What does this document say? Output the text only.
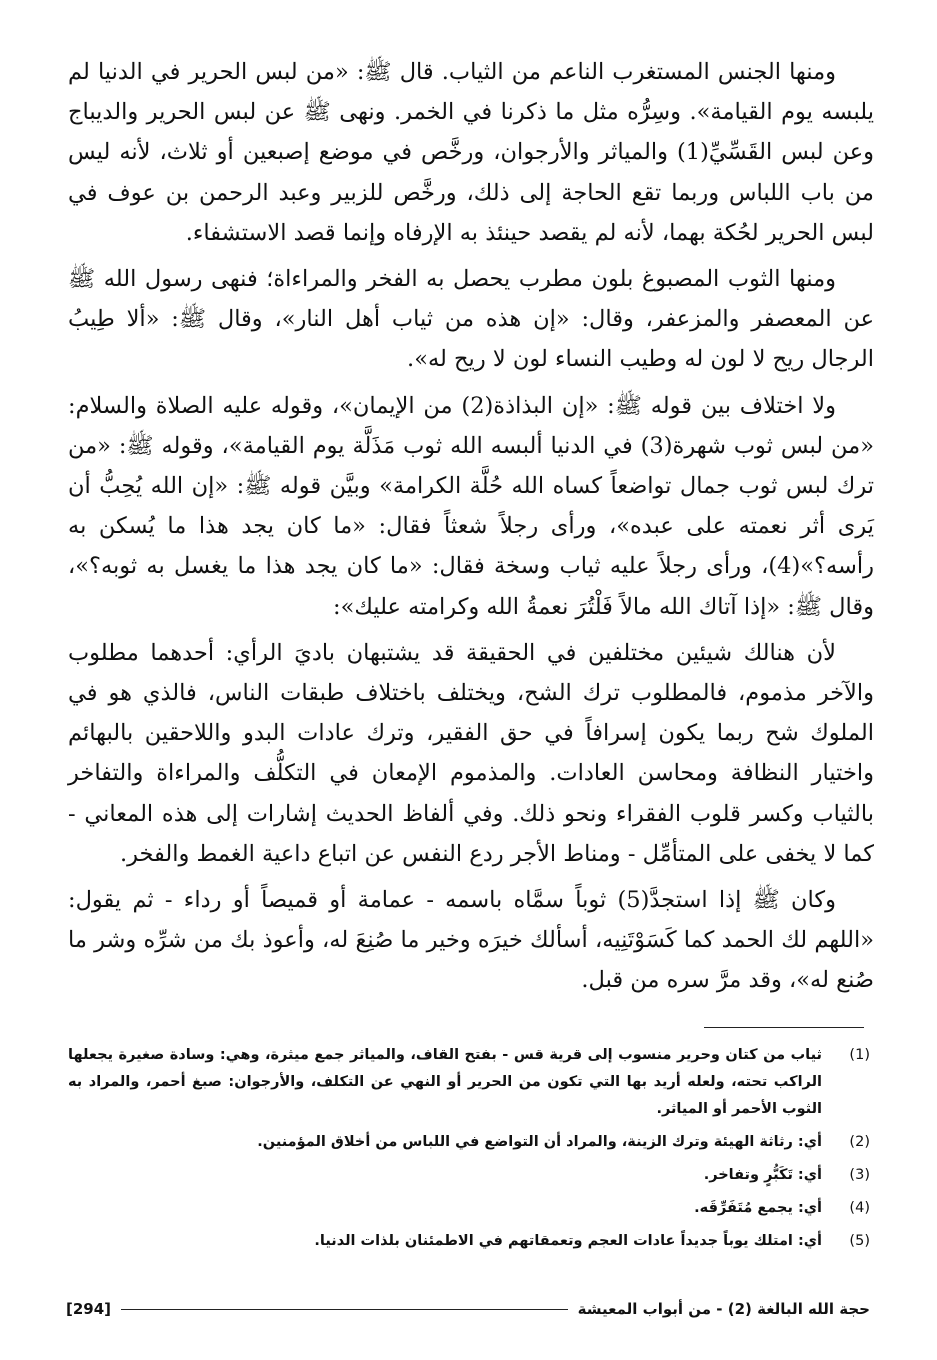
ومنها الجنس المستغرب الناعم من الثياب. قال ﷺ: «من لبس الحرير في الدنيا لم يلبسه يوم القيامة». وسِرُّه مثل ما ذكرنا في الخمر. ونهى ﷺ عن لبس الحرير والديباج وعن لبس القَسِّيِّ(1) والمياثر والأرجوان، ورخَّص في موضع إصبعين أو ثلاث، لأنه ليس من باب اللباس وربما تقع الحاجة إلى ذلك، ورخَّص للزبير وعبد الرحمن بن عوف في لبس الحرير لحُكة بهما، لأنه لم يقصد حينئذ به الإرفاه وإنما قصد الاستشفاء.

ومنها الثوب المصبوغ بلون مطرب يحصل به الفخر والمراءاة؛ فنهى رسول الله ﷺ عن المعصفر والمزعفر، وقال: «إن هذه من ثياب أهل النار»، وقال ﷺ: «ألا طِيبُ الرجال ريح لا لون له وطيب النساء لون لا ريح له».

ولا اختلاف بين قوله ﷺ: «إن البذاذة(2) من الإيمان»، وقوله عليه الصلاة والسلام: «من لبس ثوب شهرة(3) في الدنيا ألبسه الله ثوب مَذَلَّة يوم القيامة»، وقوله ﷺ: «من ترك لبس ثوب جمال تواضعاً كساه الله حُلَّة الكرامة» وبيَّن قوله ﷺ: «إن الله يُحِبُّ أن يَرى أثر نعمته على عبده»، ورأى رجلاً شعثاً فقال: «ما كان يجد هذا ما يُسكن به رأسه؟»(4)، ورأى رجلاً عليه ثياب وسخة فقال: «ما كان يجد هذا ما يغسل به ثوبه؟»، وقال ﷺ: «إذا آتاك الله مالاً فَلْتُرَ نعمةُ الله وكرامته عليك»:

لأن هنالك شيئين مختلفين في الحقيقة قد يشتبهان باديَ الرأي: أحدهما مطلوب والآخر مذموم، فالمطلوب ترك الشح، ويختلف باختلاف طبقات الناس، فالذي هو في الملوك شح ربما يكون إسرافاً في حق الفقير، وترك عادات البدو واللاحقين بالبهائم واختيار النظافة ومحاسن العادات. والمذموم الإمعان في التكلُّف والمراءاة والتفاخر بالثياب وكسر قلوب الفقراء ونحو ذلك. وفي ألفاظ الحديث إشارات إلى هذه المعاني - كما لا يخفى على المتأمِّل - ومناط الأجر ردع النفس عن اتباع داعية الغمط والفخر.

وكان ﷺ إذا استجدَّ(5) ثوباً سمَّاه باسمه - عمامة أو قميصاً أو رداء - ثم يقول: «اللهم لك الحمد كما كَسَوْتَنِيه، أسألك خيرَه وخير ما صُنِعَ له، وأعوذ بك من شرِّه وشر ما صُنع له»، وقد مرَّ سره من قبل.

(1)
ثياب من كتان وحرير منسوب إلى قرية قس - بفتح القاف، والمياثر جمع ميثرة، وهي: وسادة صغيرة يجعلها الراكب تحته، ولعله أريد بها التي تكون من الحرير أو النهي عن التكلف، والأرجوان: صبغ أحمر، والمراد به الثوب الأحمر أو المياثر.
(2)
أي: رثاثة الهيئة وترك الزينة، والمراد أن التواضع في اللباس من أخلاق المؤمنين.
(3)
أي: تَكَبُّرٍ وتفاخر.
(4)
أي: يجمع مُتَفَرِّقَه.
(5)
أي: امتلك يوباً جديداً عادات العجم وتعمقاتهم في الاطمئنان بلذات الدنيا.
[294]	حجة الله البالغة (2) - من أبواب المعيشة
